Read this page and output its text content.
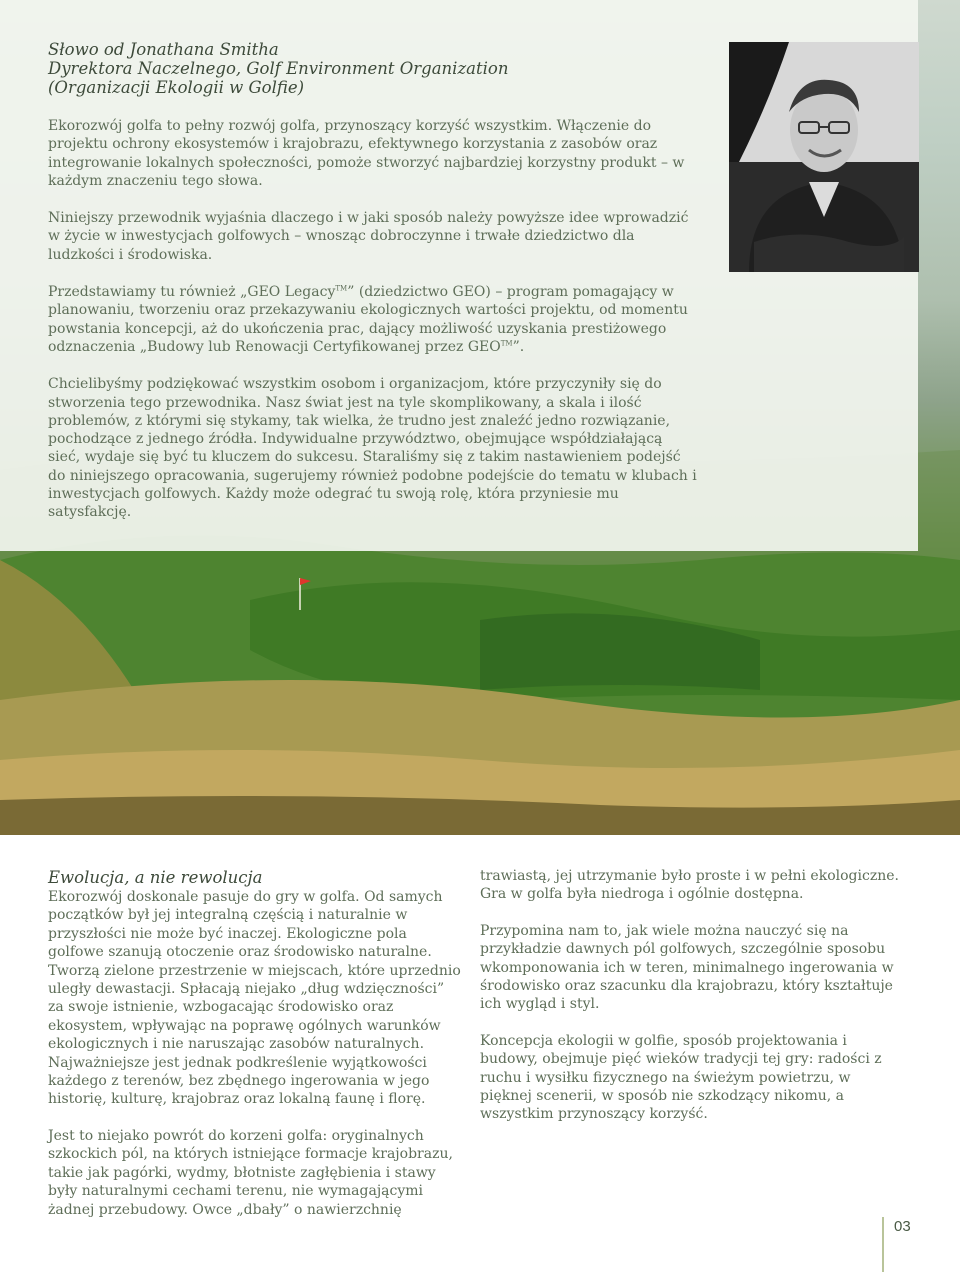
Słowo od Jonathana Smitha
Dyrektora Naczelnego, Golf Environment Organization
(Organizacji Ekologii w Golfie)

Ekorozwój golfa to pełny rozwój golfa, przynoszący korzyść wszystkim. Włączenie do projektu ochrony ekosystemów i krajobrazu, efektywnego korzystania z zasobów oraz integrowanie lokalnych społeczności, pomoże stworzyć najbardziej korzystny produkt – w każdym znaczeniu tego słowa.

Niniejszy przewodnik wyjaśnia dlaczego i w jaki sposób należy powyższe idee wprowadzić w życie w inwestycjach golfowych – wnosząc dobroczynne i trwałe dziedzictwo dla ludzkości i środowiska.

Przedstawiamy tu również „GEO Legacy™” (dziedzictwo GEO) – program pomagający w planowaniu, tworzeniu oraz przekazywaniu ekologicznych wartości projektu, od momentu powstania koncepcji, aż do ukończenia prac, dający możliwość uzyskania prestiżowego odznaczenia „Budowy lub Renowacji Certyfikowanej przez GEO™”.

Chcielibyśmy podziękować wszystkim osobom i organizacjom, które przyczyniły się do stworzenia tego przewodnika. Nasz świat jest na tyle skomplikowany, a skala i ilość problemów, z którymi się stykamy, tak wielka, że trudno jest znaleźć jedno rozwiązanie, pochodzące z jednego źródła. Indywidualne przywództwo, obejmujące współdziałającą sieć, wydaje się być tu kluczem do sukcesu. Staraliśmy się z takim nastawieniem podejść do niniejszego opracowania, sugerujemy również podobne podejście do tematu w klubach i inwestycjach golfowych. Każdy może odegrać tu swoją rolę, która przyniesie mu satysfakcję.

Ewolucja, a nie rewolucja

Ekorozwój doskonale pasuje do gry w golfa. Od samych początków był jej integralną częścią i naturalnie w przyszłości nie może być inaczej. Ekologiczne pola golfowe szanują otoczenie oraz środowisko naturalne. Tworzą zielone przestrzenie w miejscach, które uprzednio uległy dewastacji. Spłacają niejako „dług wdzięczności” za swoje istnienie, wzbogacając środowisko oraz ekosystem, wpływając na poprawę ogólnych warunków ekologicznych i nie naruszając zasobów naturalnych. Najważniejsze jest jednak podkreślenie wyjątkowości każdego z terenów, bez zbędnego ingerowania w jego historię, kulturę, krajobraz oraz lokalną faunę i florę.

Jest to niejako powrót do korzeni golfa: oryginalnych szkockich pól, na których istniejące formacje krajobrazu, takie jak pagórki, wydmy, błotniste zagłębienia i stawy były naturalnymi cechami terenu, nie wymagającymi żadnej przebudowy. Owce „dbały” o nawierzchnię

trawiastą, jej utrzymanie było proste i w pełni ekologiczne. Gra w golfa była niedroga i ogólnie dostępna.

Przypomina nam to, jak wiele można nauczyć się na przykładzie dawnych pól golfowych, szczególnie sposobu wkomponowania ich w teren, minimalnego ingerowania w środowisko oraz szacunku dla krajobrazu, który kształtuje ich wygląd i styl.

Koncepcja ekologii w golfie, sposób projektowania i budowy, obejmuje pięć wieków tradycji tej gry: radości z ruchu i wysiłku fizycznego na świeżym powietrzu, w pięknej scenerii, w sposób nie szkodzący nikomu, a wszystkim przynoszący korzyść.

03
